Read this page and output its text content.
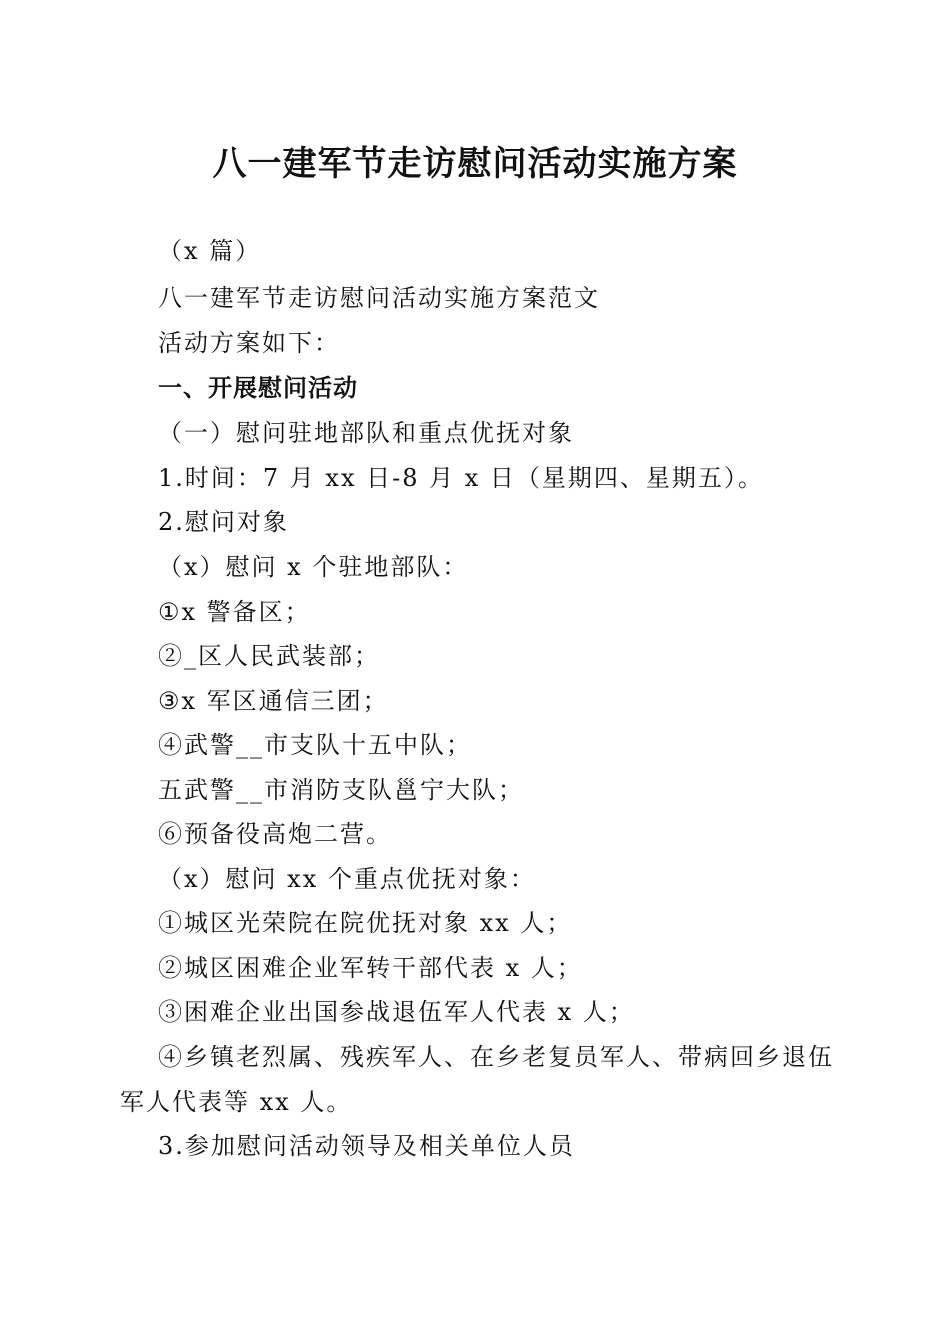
八一建军节走访慰问活动实施方案
（x 篇）
八一建军节走访慰问活动实施方案范文
活动方案如下：
一、开展慰问活动
（一）慰问驻地部队和重点优抚对象
1.时间：7 月 xx 日-8 月 x 日（星期四、星期五）。
2.慰问对象
（x）慰问 x 个驻地部队：
①x 警备区；
②_区人民武装部；
③x 军区通信三团；
④武警__市支队十五中队；
五武警__市消防支队邕宁大队；
⑥预备役高炮二营。
（x）慰问 xx 个重点优抚对象：
①城区光荣院在院优抚对象 xx 人；
②城区困难企业军转干部代表 x 人；
③困难企业出国参战退伍军人代表 x 人；
④乡镇老烈属、残疾军人、在乡老复员军人、带病回乡退伍
军人代表等 xx 人。
3.参加慰问活动领导及相关单位人员
